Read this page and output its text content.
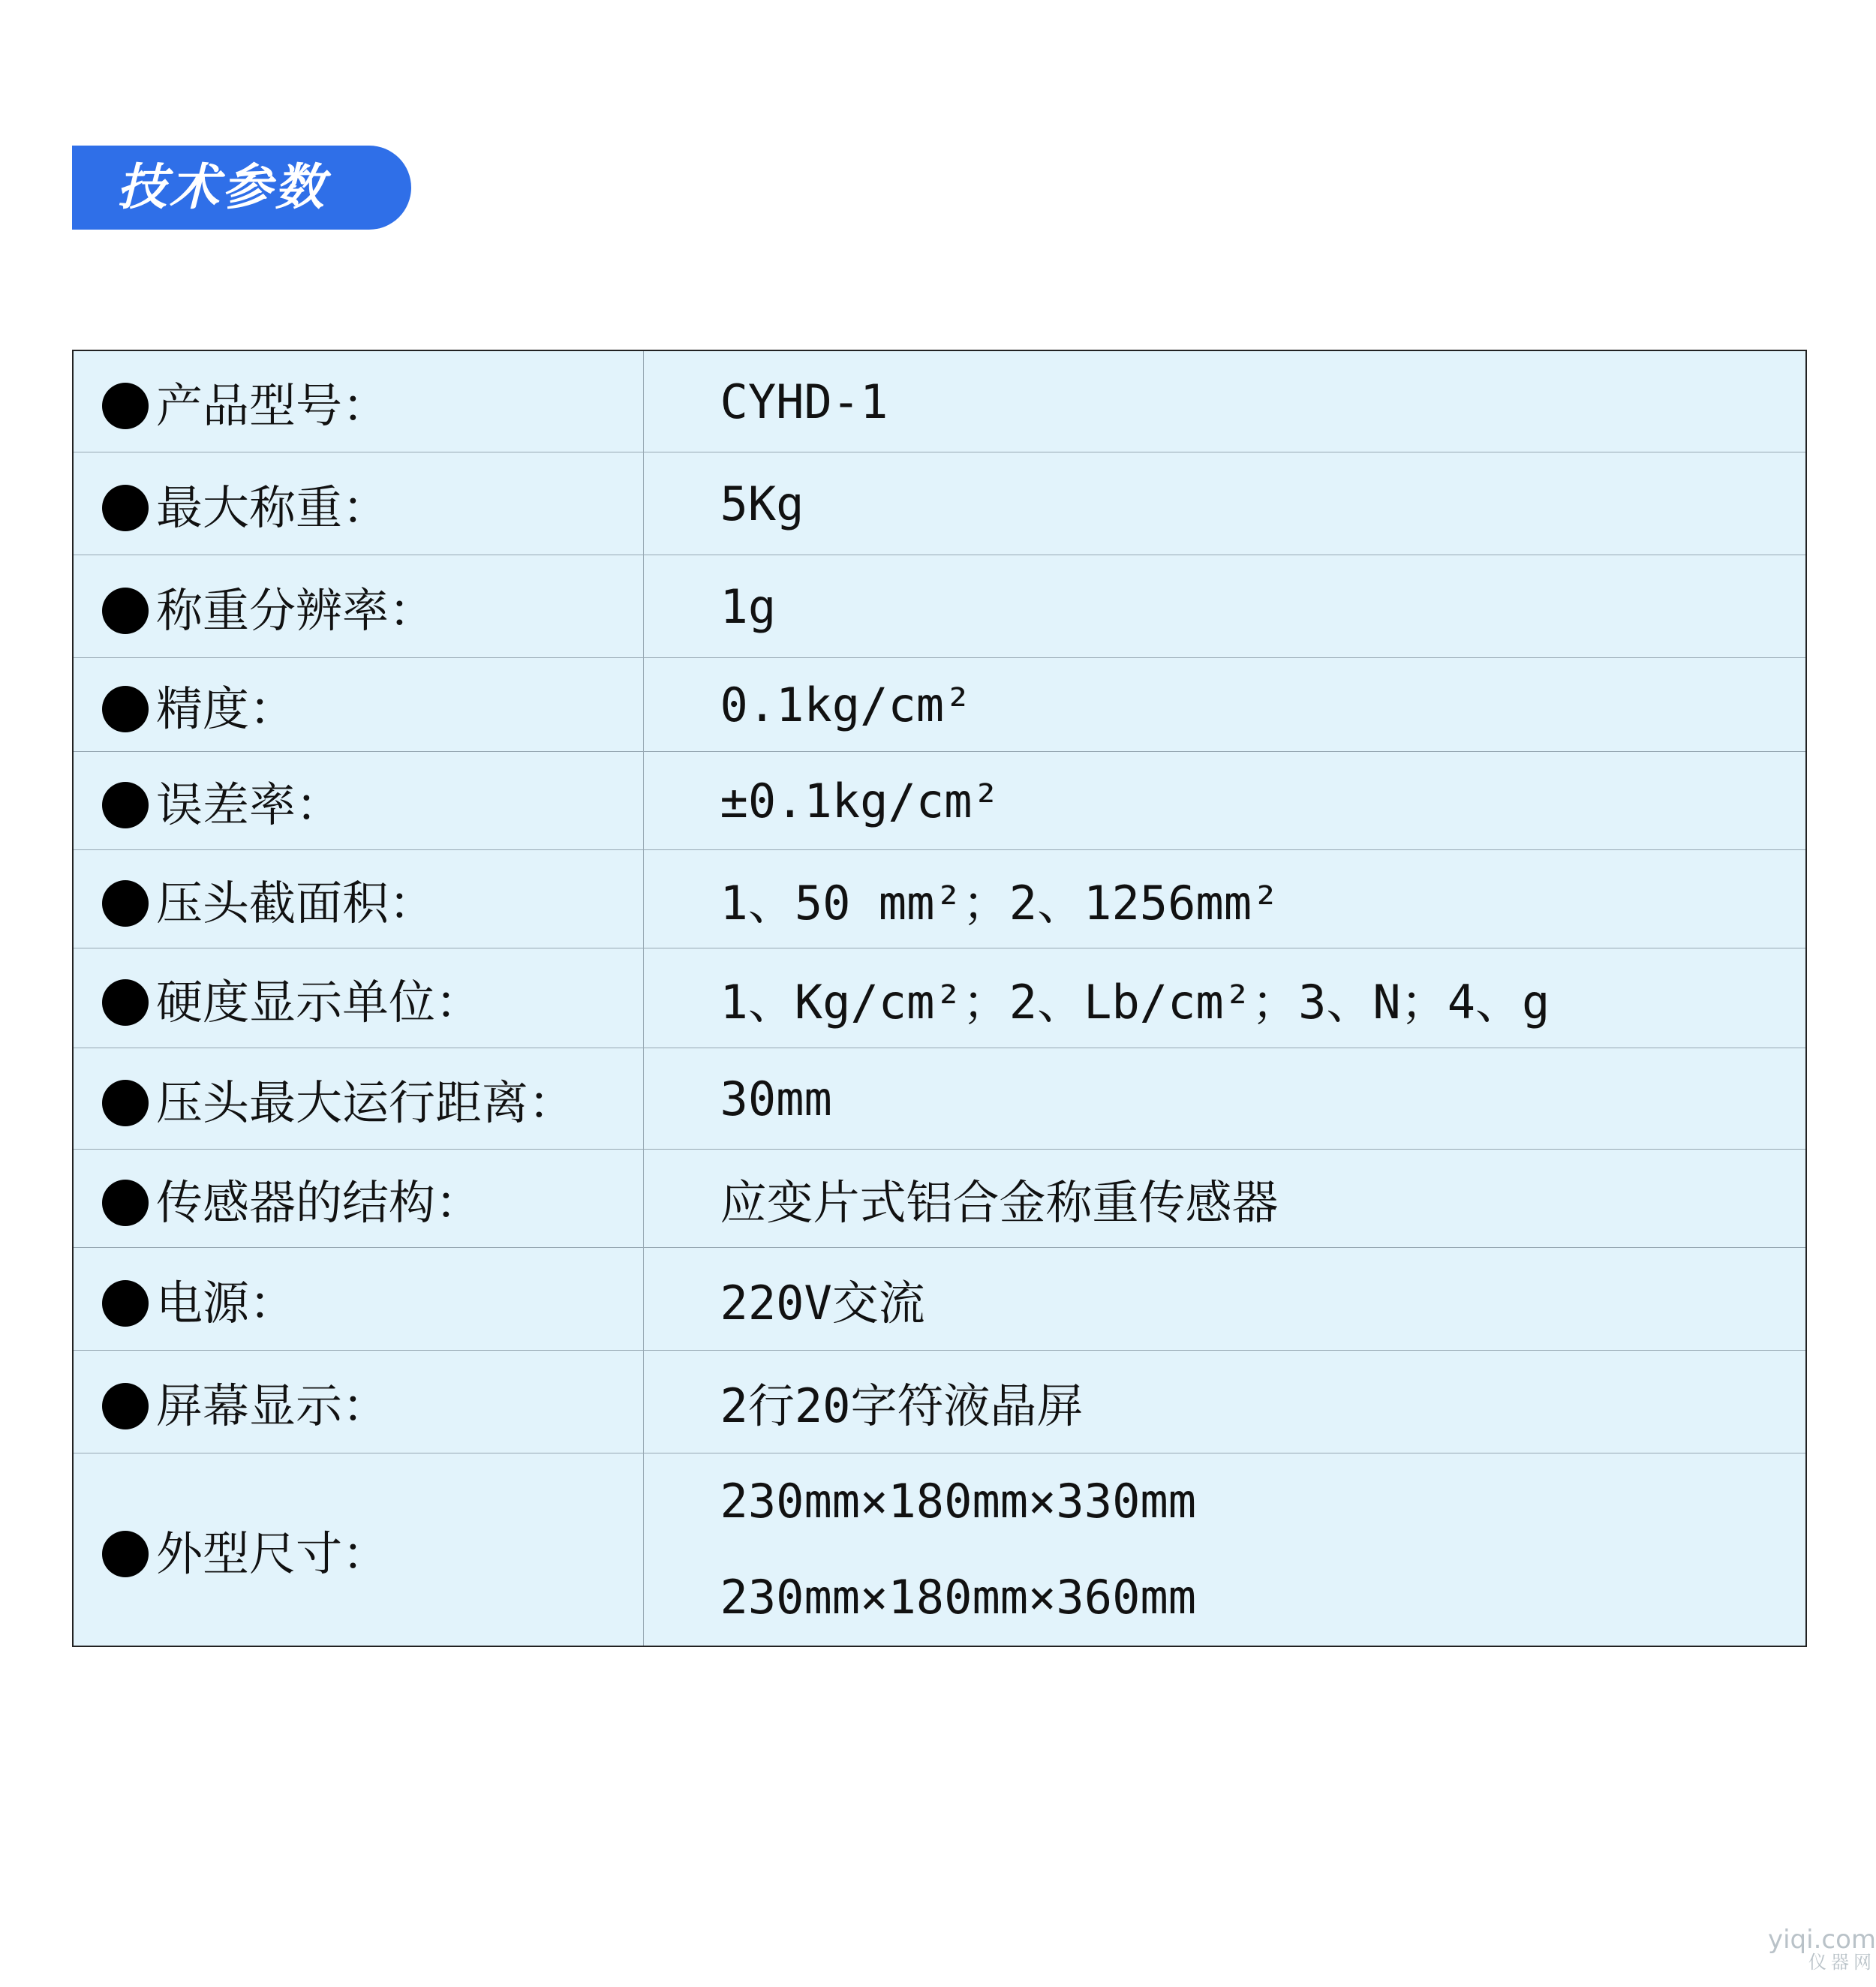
技术参数
产品型号：	CYHD-1
最大称重：	5Kg
称重分辨率：	1g
精度：	0.1kg/cm²
误差率：	±0.1kg/cm²
压头截面积：	1、50 mm²；2、1256mm²
硬度显示单位：	1、Kg/cm²；2、Lb/cm²；3、N；4、g
压头最大运行距离：	30mm
传感器的结构：	应变片式铝合金称重传感器
电源：	220V交流
屏幕显示：	2行20字符液晶屏
外型尺寸：	230mm×180mm×330mm
230mm×180mm×360mm
yiqi.com
仪器网
